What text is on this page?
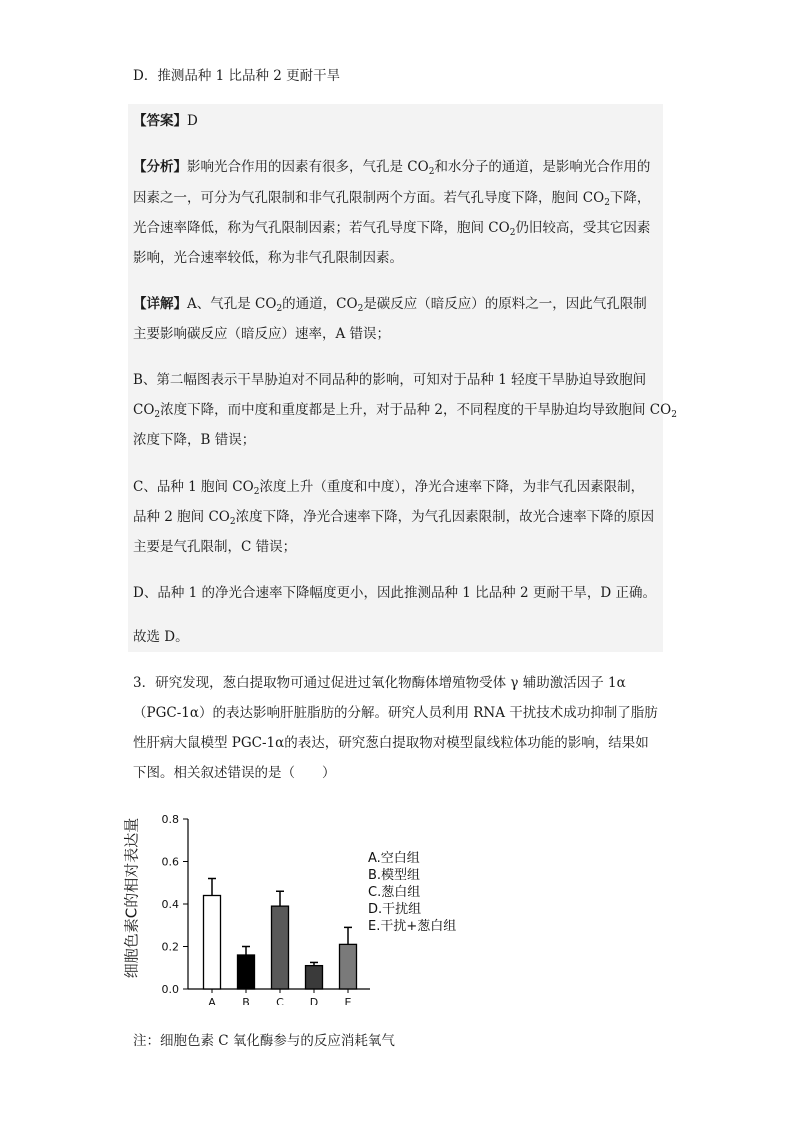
D．推测品种 1 比品种 2 更耐干旱
【答案】D
【分析】影响光合作用的因素有很多，气孔是 $CO_2$和水分子的通道，是影响光合作用的
因素之一，可分为气孔限制和非气孔限制两个方面。若气孔导度下降，胞间 $CO_2$下降，
光合速率降低，称为气孔限制因素；若气孔导度下降，胞间 $CO_2$仍旧较高，受其它因素
影响，光合速率较低，称为非气孔限制因素。
【详解】A、气孔是 $CO_2$的通道，$CO_2$是碳反应（暗反应）的原料之一，因此气孔限制
主要影响碳反应（暗反应）速率，A 错误；
B、第二幅图表示干旱胁迫对不同品种的影响，可知对于品种 1 轻度干旱胁迫导致胞间
$CO_2$浓度下降，而中度和重度都是上升，对于品种 2，不同程度的干旱胁迫均导致胞间 $CO_2$
浓度下降，B 错误；
C、品种 1 胞间 $CO_2$浓度上升（重度和中度），净光合速率下降，为非气孔因素限制，
品种 2 胞间 $CO_2$浓度下降，净光合速率下降，为气孔因素限制，故光合速率下降的原因
主要是气孔限制，C 错误；
D、品种 1 的净光合速率下降幅度更小，因此推测品种 1 比品种 2 更耐干旱，D 正确。
故选 D。
3．研究发现，葱白提取物可通过促进过氧化物酶体增殖物受体 γ 辅助激活因子 1α
（PGC-1α）的表达影响肝脏脂肪的分解。研究人员利用 RNA 干扰技术成功抑制了脂肪
性肝病大鼠模型 PGC-1α的表达，研究葱白提取物对模型鼠线粒体功能的影响，结果如
下图。相关叙述错误的是（　　）
细胞色素C的相对表达量
0.0
0.2
0.4
0.6
0.8
A B C D E
A.空白组
B.模型组
C.葱白组
D.干扰组
E.干扰+葱白组
注：细胞色素 C 氧化酶参与的反应消耗氧气
